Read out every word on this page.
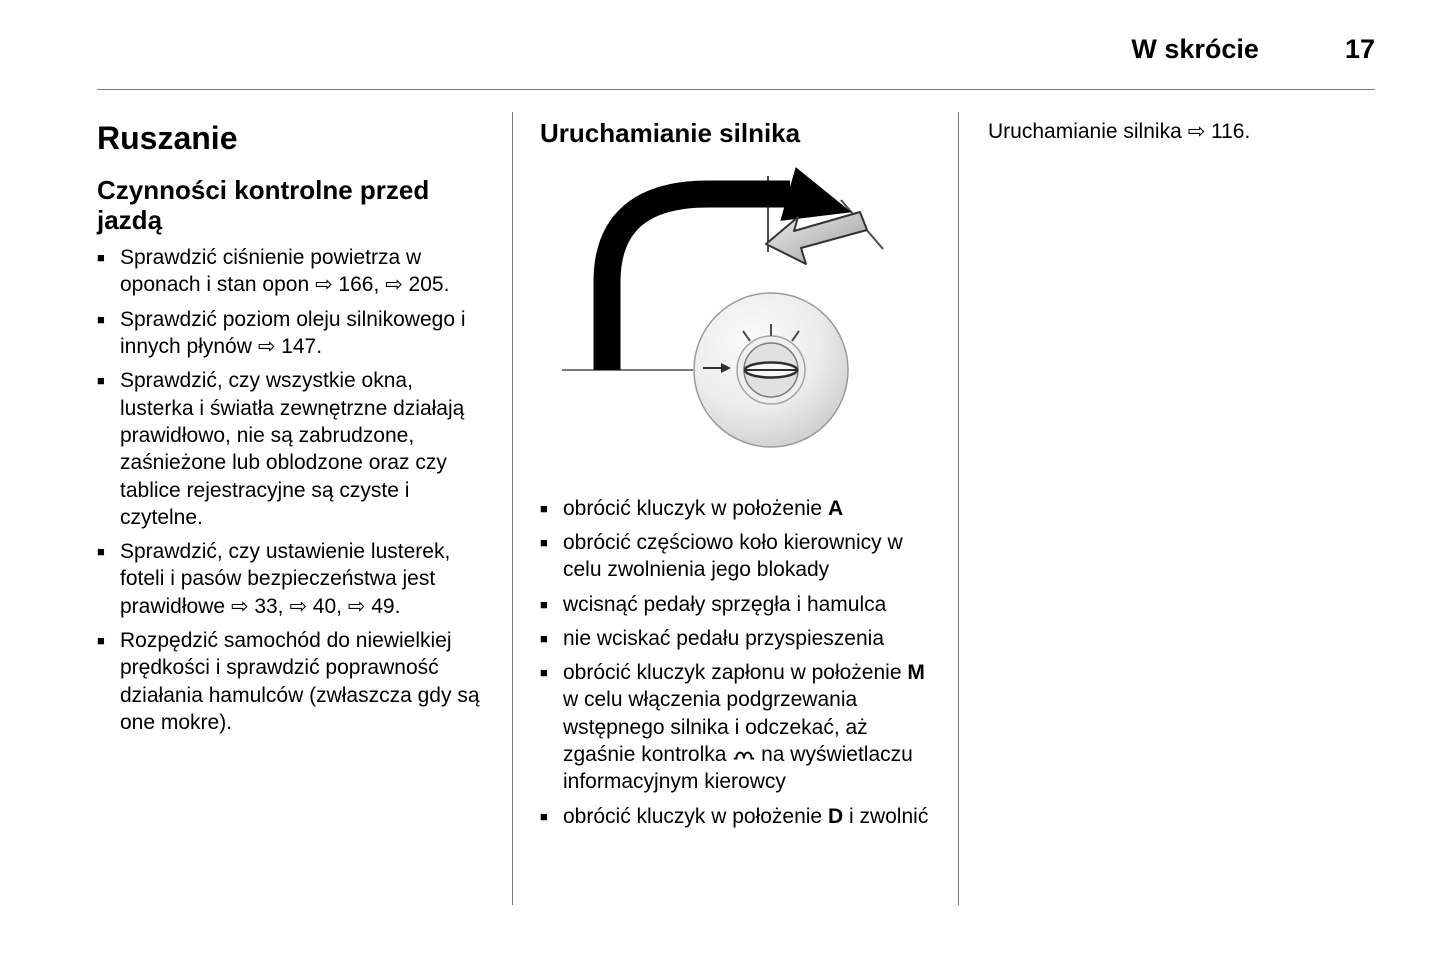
W skrócie	17
Ruszanie
Czynności kontrolne przed jazdą
■ Sprawdzić ciśnienie powietrza w oponach i stan opon ⇨ 166, ⇨ 205.
■ Sprawdzić poziom oleju silnikowego i innych płynów ⇨ 147.
■ Sprawdzić, czy wszystkie okna, lusterka i światła zewnętrzne działają prawidłowo, nie są zabrudzone, zaśnieżone lub oblodzone oraz czy tablice rejestracyjne są czyste i czytelne.
■ Sprawdzić, czy ustawienie lusterek, foteli i pasów bezpieczeństwa jest prawidłowe ⇨ 33, ⇨ 40, ⇨ 49.
■ Rozpędzić samochód do niewielkiej prędkości i sprawdzić poprawność działania hamulców (zwłaszcza gdy są one mokre).
Uruchamianie silnika
■ obrócić kluczyk w położenie A
■ obrócić częściowo koło kierownicy w celu zwolnienia jego blokady
■ wcisnąć pedały sprzęgła i hamulca
■ nie wciskać pedału przyspieszenia
■ obrócić kluczyk zapłonu w położenie M w celu włączenia podgrzewania wstępnego silnika i odczekać, aż zgaśnie kontrolka  na wyświetlaczu informacyjnym kierowcy
■ obrócić kluczyk w położenie D i zwolnić

Uruchamianie silnika ⇨ 116.
